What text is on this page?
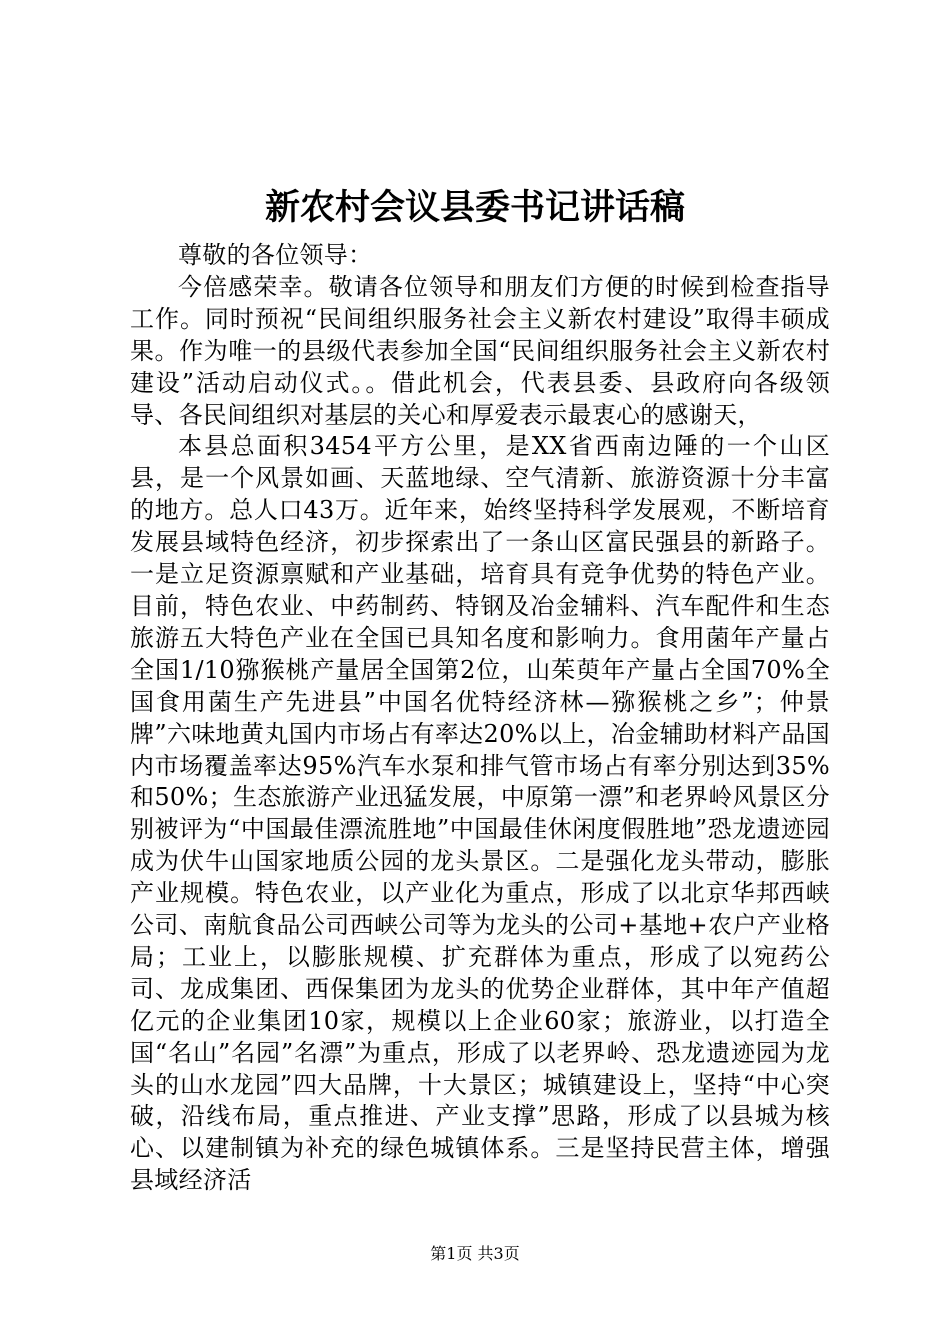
新农村会议县委书记讲话稿

尊敬的各位领导：

今倍感荣幸。敬请各位领导和朋友们方便的时候到检查指导工作。同时预祝“民间组织服务社会主义新农村建设”取得丰硕成果。作为唯一的县级代表参加全国“民间组织服务社会主义新农村建设”活动启动仪式。。借此机会，代表县委、县政府向各级领导、各民间组织对基层的关心和厚爱表示最衷心的感谢天，

本县总面积3454平方公里，是XX省西南边陲的一个山区县，是一个风景如画、天蓝地绿、空气清新、旅游资源十分丰富的地方。总人口43万。近年来，始终坚持科学发展观，不断培育发展县域特色经济，初步探索出了一条山区富民强县的新路子。一是立足资源禀赋和产业基础，培育具有竞争优势的特色产业。目前，特色农业、中药制药、特钢及冶金辅料、汽车配件和生态旅游五大特色产业在全国已具知名度和影响力。食用菌年产量占全国1/10猕猴桃产量居全国第2位，山茱萸年产量占全国70%全国食用菌生产先进县”中国名优特经济林—猕猴桃之乡”；仲景牌”六味地黄丸国内市场占有率达20%以上，冶金辅助材料产品国内市场覆盖率达95%汽车水泵和排气管市场占有率分别达到35%和50%；生态旅游产业迅猛发展，中原第一漂”和老界岭风景区分别被评为“中国最佳漂流胜地”中国最佳休闲度假胜地”恐龙遗迹园成为伏牛山国家地质公园的龙头景区。二是强化龙头带动，膨胀产业规模。特色农业，以产业化为重点，形成了以北京华邦西峡公司、南航食品公司西峡公司等为龙头的公司+基地+农户产业格局；工业上，以膨胀规模、扩充群体为重点，形成了以宛药公司、龙成集团、西保集团为龙头的优势企业群体，其中年产值超亿元的企业集团10家，规模以上企业60家；旅游业，以打造全国“名山”名园”名漂”为重点，形成了以老界岭、恐龙遗迹园为龙头的山水龙园”四大品牌，十大景区；城镇建设上，坚持“中心突破，沿线布局，重点推进、产业支撑”思路，形成了以县城为核心、以建制镇为补充的绿色城镇体系。三是坚持民营主体，增强县域经济活

第1页 共3页
